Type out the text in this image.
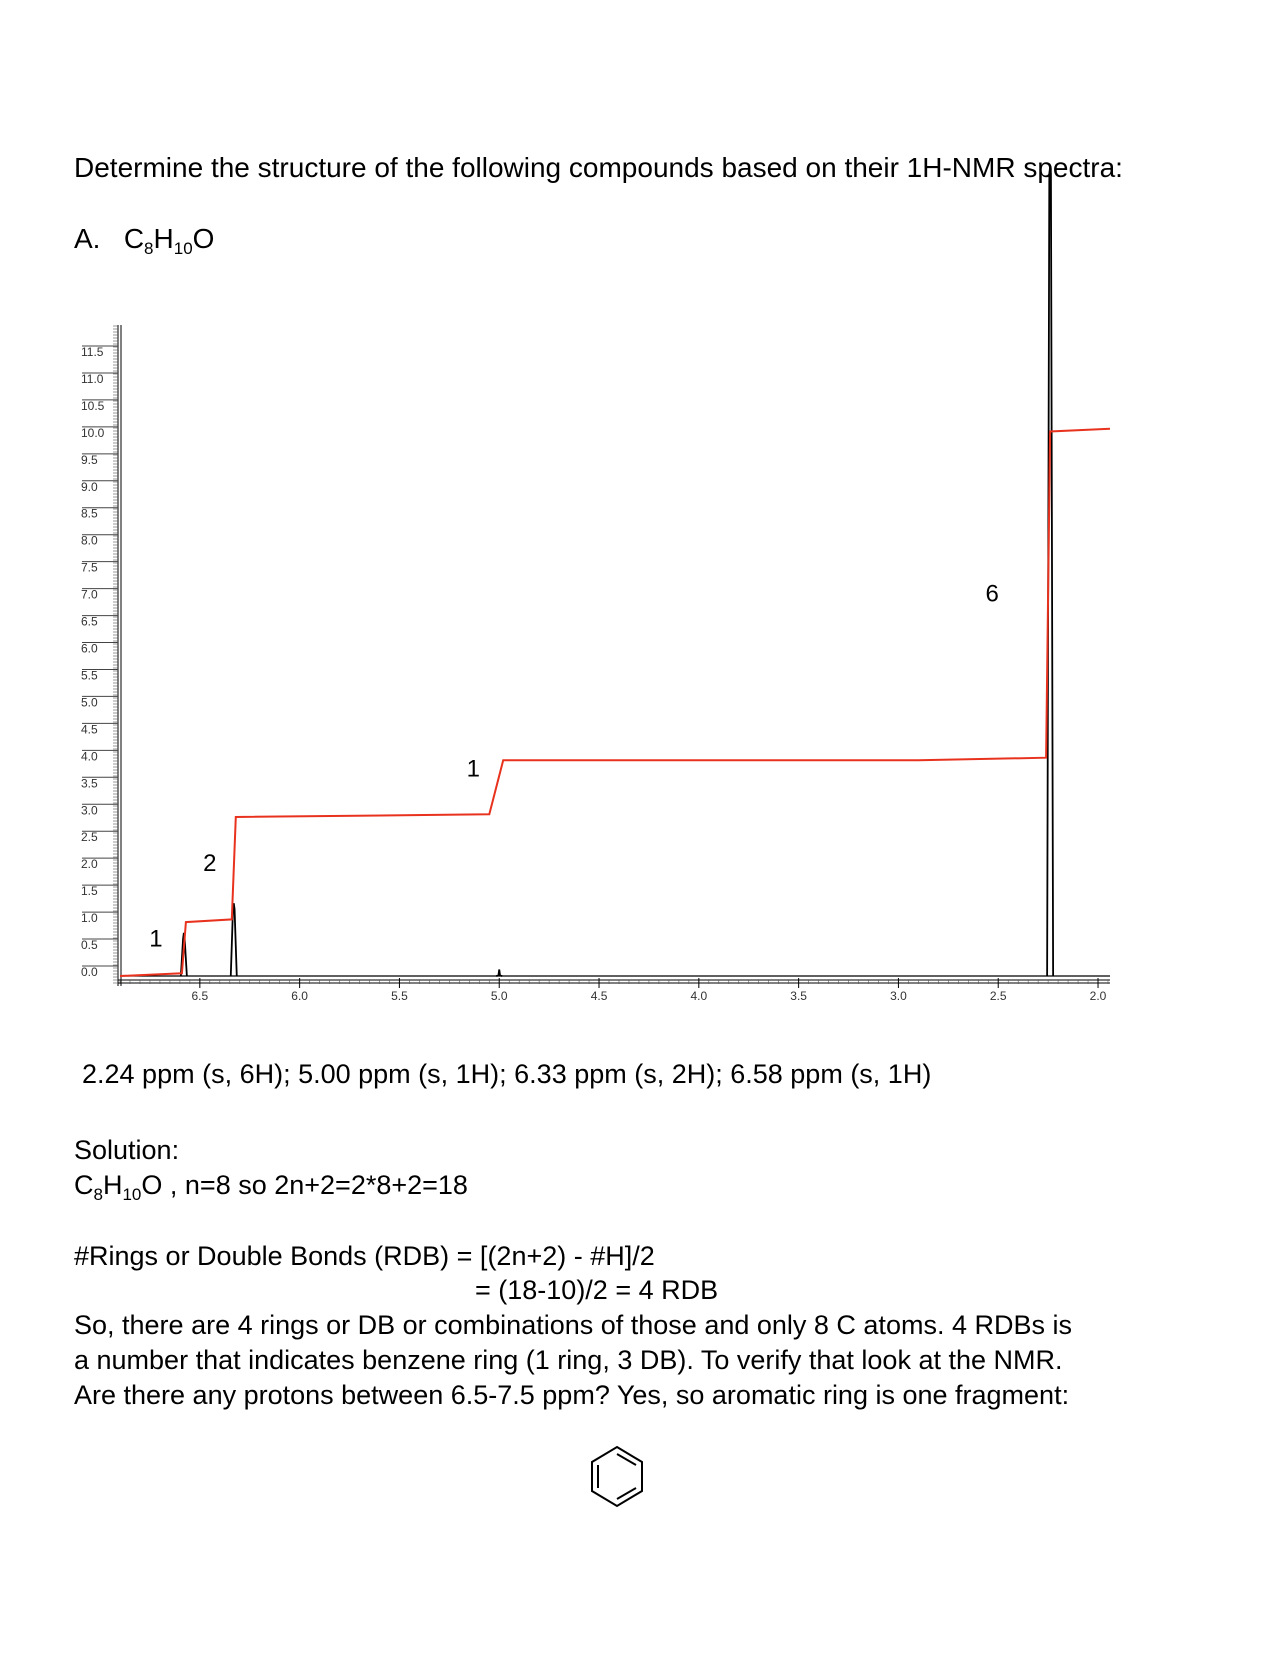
Determine the structure of the following compounds based on their 1H-NMR spectra:
A. $C_8H_{10}O$
0.0
0.5
1.0
1.5
2.0
2.5
3.0
3.5
4.0
4.5
5.0
5.5
6.0
6.5
7.0
7.5
8.0
8.5
9.0
9.5
10.0
10.5
11.0
11.5
6.5	6.0	5.5	5.0	4.5	4.0	3.5	3.0	2.5	2.0
1
2
1
6
2.24 ppm (s, 6H); 5.00 ppm (s, 1H); 6.33 ppm (s, 2H); 6.58 ppm (s, 1H)
Solution:
$C_8H_{10}O$ , n=8 so 2n+2=2*8+2=18
#Rings or Double Bonds (RDB) = [(2n+2) - #H]/2
= (18-10)/2 = 4 RDB
So, there are 4 rings or DB or combinations of those and only 8 C atoms. 4 RDBs is
a number that indicates benzene ring (1 ring, 3 DB). To verify that look at the NMR.
Are there any protons between 6.5-7.5 ppm? Yes, so aromatic ring is one fragment:
